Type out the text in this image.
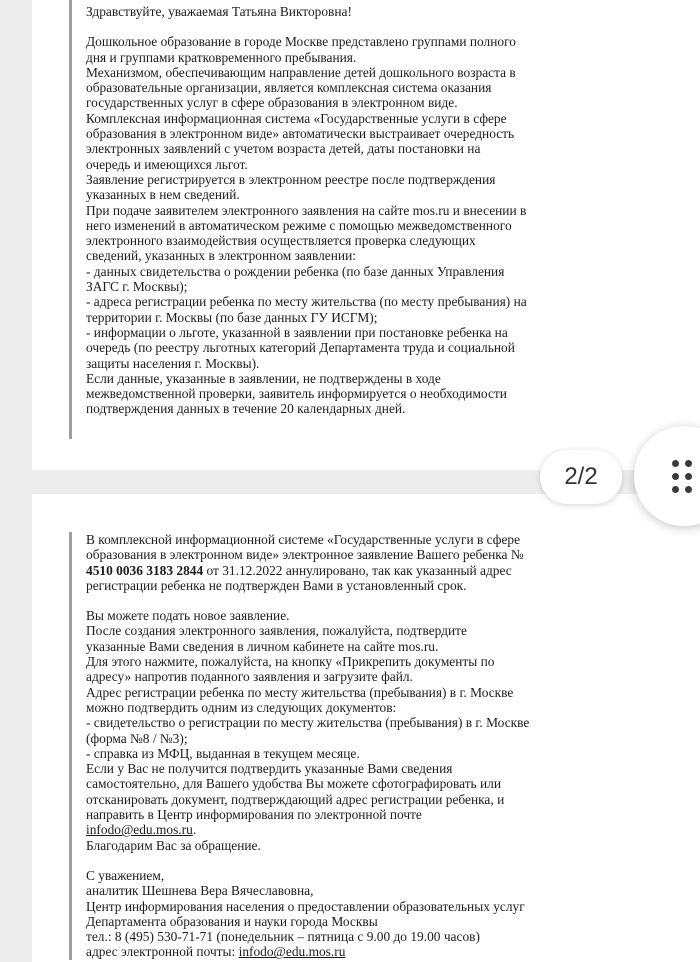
Здравствуйте, уважаемая Татьяна Викторовна!

Дошкольное образование в городе Москве представлено группами полного
дня и группами кратковременного пребывания.
Механизмом, обеспечивающим направление детей дошкольного возраста в
образовательные организации, является комплексная система оказания
государственных услуг в сфере образования в электронном виде.
Комплексная информационная система «Государственные услуги в сфере
образования в электронном виде» автоматически выстраивает очередность
электронных заявлений с учетом возраста детей, даты постановки на
очередь и имеющихся льгот.
Заявление регистрируется в электронном реестре после подтверждения
указанных в нем сведений.
При подаче заявителем электронного заявления на сайте mos.ru и внесении в
него изменений в автоматическом режиме с помощью межведомственного
электронного взаимодействия осуществляется проверка следующих
сведений, указанных в электронном заявлении:
- данных свидетельства о рождении ребенка (по базе данных Управления
ЗАГС г. Москвы);
- адреса регистрации ребенка по месту жительства (по месту пребывания) на
территории г. Москвы (по базе данных ГУ ИСГМ);
- информации о льготе, указанной в заявлении при постановке ребенка на
очередь (по реестру льготных категорий Департамента труда и социальной
защиты населения г. Москвы).
Если данные, указанные в заявлении, не подтверждены в ходе
межведомственной проверки, заявитель информируется о необходимости
подтверждения данных в течение 20 календарных дней.

В комплексной информационной системе «Государственные услуги в сфере
образования в электронном виде» электронное заявление Вашего ребенка №
4510 0036 3183 2844 от 31.12.2022 аннулировано, так как указанный адрес
регистрации ребенка не подтвержден Вами в установленный срок.

Вы можете подать новое заявление.
После создания электронного заявления, пожалуйста, подтвердите
указанные Вами сведения в личном кабинете на сайте mos.ru.
Для этого нажмите, пожалуйста, на кнопку «Прикрепить документы по
адресу» напротив поданного заявления и загрузите файл.
Адрес регистрации ребенка по месту жительства (пребывания) в г. Москве
можно подтвердить одним из следующих документов:
- свидетельство о регистрации по месту жительства (пребывания) в г. Москве
(форма №8 / №3);
- справка из МФЦ, выданная в текущем месяце.
Если у Вас не получится подтвердить указанные Вами сведения
самостоятельно, для Вашего удобства Вы можете сфотографировать или
отсканировать документ, подтверждающий адрес регистрации ребенка, и
направить в Центр информирования по электронной почте

infodo@edu.mos.ru.

Благодарим Вас за обращение.

С уважением,
аналитик Шешнева Вера Вячеславовна,
Центр информирования населения о предоставлении образовательных услуг
Департамента образования и науки города Москвы
тел.: 8 (495) 530-71-71 (понедельник – пятница с 9.00 до 19.00 часов)

адрес электронной почты: infodo@edu.mos.ru

2/2
